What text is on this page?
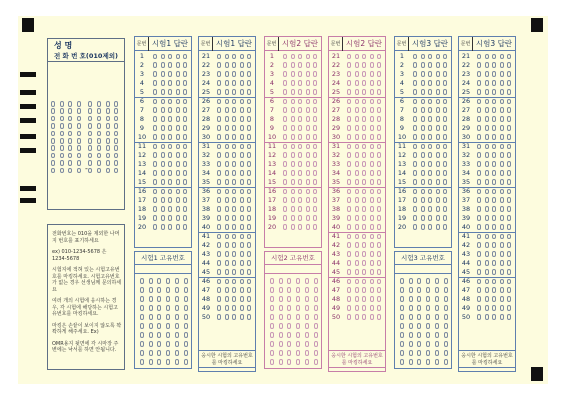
성 명
전 화 번 호(010제외)
-
전화번호는 010을 제외한 나머지 번호를 표기하세요
ex) 010-1234-5678 은 1234-5678
시험지에 적혀 있는 시험고유번호를 마킹하세요. 시험고유번호가 없는 경우 선생님께 문의하세요
여러 개의 시험에 응시하는 경우, 각 시험에 해당하는 시험고유번호를 마킹하세요.
마킹은 손끝이 보이지 않도록 꽉꽉하게 해주세요. Ex)
OMR용지 뒷면에 각 시마장 주변에는 낙서를 하면 안됩니다.
문번 시험1 답란
1
2
3
4
5
6
7
8
9
10
11
12
13
14
15
16
17
18
19
20
문번 시험1 답란
21
22
23
24
25
26
27
28
29
30
31
32
33
34
35
36
37
38
39
40
41
42
43
44
45
46
47
48
49
50
문번 시험2 답란
1
2
3
4
5
6
7
8
9
10
11
12
13
14
15
16
17
18
19
20
문번 시험2 답란
21
22
23
24
25
26
27
28
29
30
31
32
33
34
35
36
37
38
39
40
41
42
43
44
45
46
47
48
49
50
문번 시험3 답란
1
2
3
4
5
6
7
8
9
10
11
12
13
14
15
16
17
18
19
20
문번 시험3 답란
21
22
23
24
25
26
27
28
29
30
31
32
33
34
35
36
37
38
39
40
41
42
43
44
45
46
47
48
49
50
시험1 고유번호	시험2 고유번호	시험3 고유번호
응시한 시험의 고유번호를 마킹하세요
응시한 시험의 고유번호를 마킹하세요
응시한 시험의 고유번호를 마킹하세요
